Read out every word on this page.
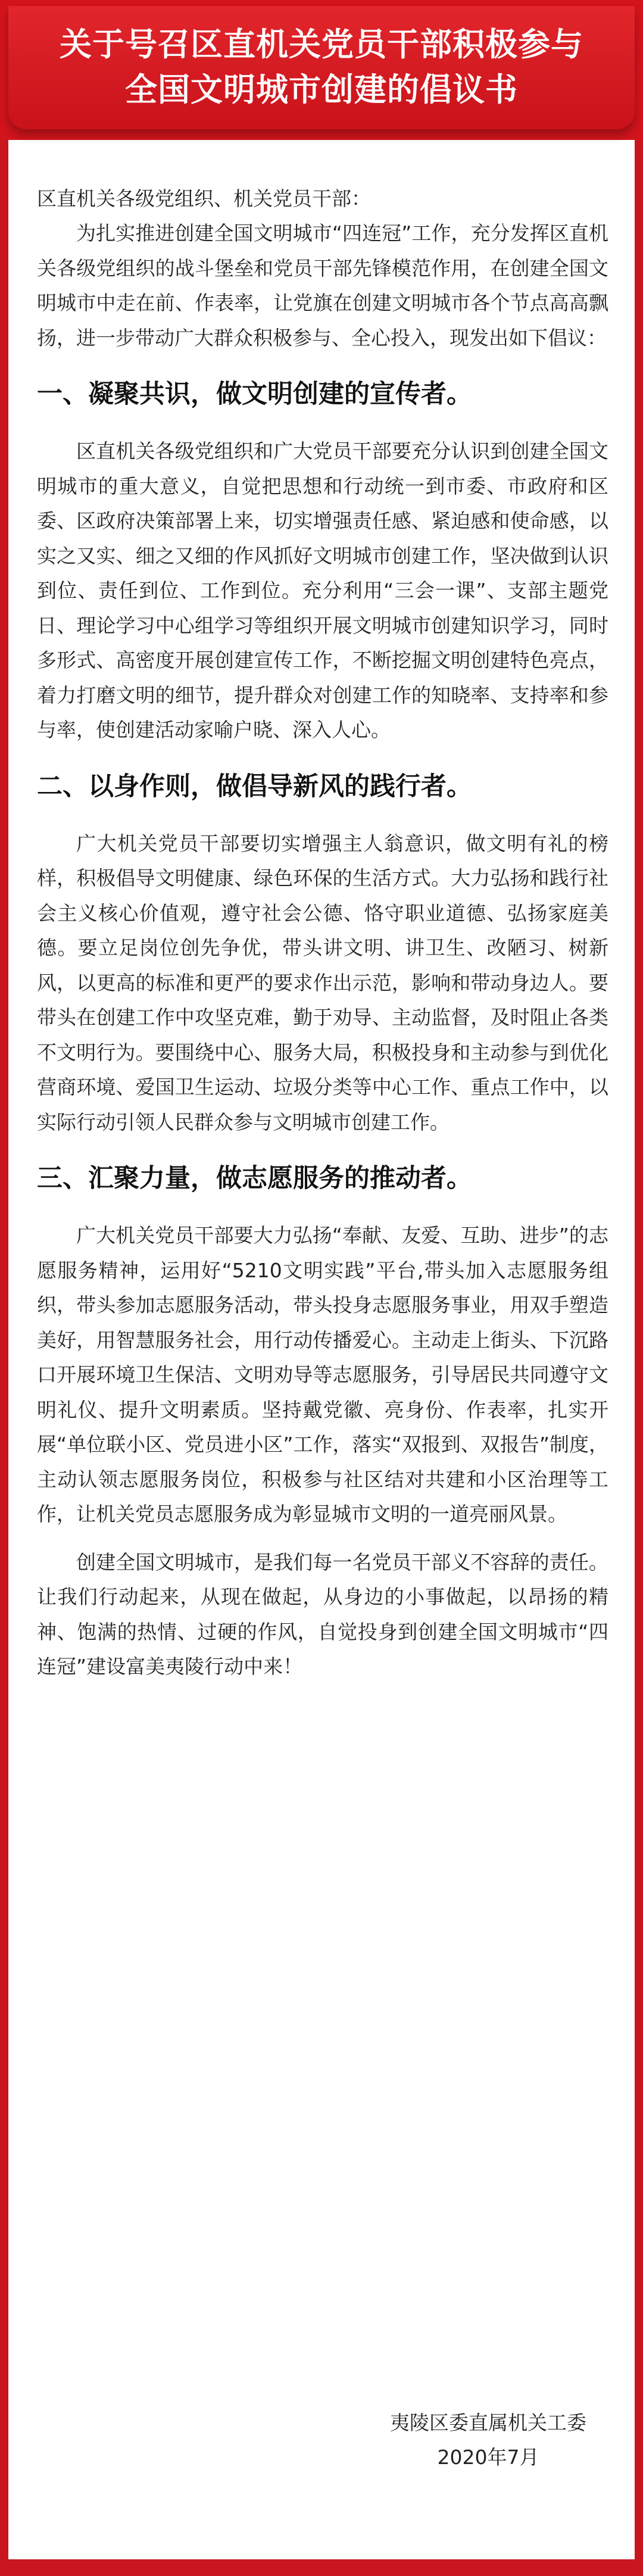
关于号召区直机关党员干部积极参与
全国文明城市创建的倡议书

区直机关各级党组织、机关党员干部：

为扎实推进创建全国文明城市“四连冠”工作，充分发挥区直机关各级党组织的战斗堡垒和党员干部先锋模范作用，在创建全国文明城市中走在前、作表率，让党旗在创建文明城市各个节点高高飘扬，进一步带动广大群众积极参与、全心投入，现发出如下倡议：

一、凝聚共识，做文明创建的宣传者。

区直机关各级党组织和广大党员干部要充分认识到创建全国文明城市的重大意义，自觉把思想和行动统一到市委、市政府和区委、区政府决策部署上来，切实增强责任感、紧迫感和使命感，以实之又实、细之又细的作风抓好文明城市创建工作，坚决做到认识到位、责任到位、工作到位。充分利用“三会一课”、支部主题党日、理论学习中心组学习等组织开展文明城市创建知识学习，同时多形式、高密度开展创建宣传工作，不断挖掘文明创建特色亮点，着力打磨文明的细节，提升群众对创建工作的知晓率、支持率和参与率，使创建活动家喻户晓、深入人心。

二、以身作则，做倡导新风的践行者。

广大机关党员干部要切实增强主人翁意识，做文明有礼的榜样，积极倡导文明健康、绿色环保的生活方式。大力弘扬和践行社会主义核心价值观，遵守社会公德、恪守职业道德、弘扬家庭美德。要立足岗位创先争优，带头讲文明、讲卫生、改陋习、树新风，以更高的标准和更严的要求作出示范，影响和带动身边人。要带头在创建工作中攻坚克难，勤于劝导、主动监督，及时阻止各类不文明行为。要围绕中心、服务大局，积极投身和主动参与到优化营商环境、爱国卫生运动、垃圾分类等中心工作、重点工作中，以实际行动引领人民群众参与文明城市创建工作。

三、汇聚力量，做志愿服务的推动者。

广大机关党员干部要大力弘扬“奉献、友爱、互助、进步”的志愿服务精神，运用好“5210文明实践”平台,带头加入志愿服务组织，带头参加志愿服务活动，带头投身志愿服务事业，用双手塑造美好，用智慧服务社会，用行动传播爱心。主动走上街头、下沉路口开展环境卫生保洁、文明劝导等志愿服务，引导居民共同遵守文明礼仪、提升文明素质。坚持戴党徽、亮身份、作表率，扎实开展“单位联小区、党员进小区”工作，落实“双报到、双报告”制度，主动认领志愿服务岗位，积极参与社区结对共建和小区治理等工作，让机关党员志愿服务成为彰显城市文明的一道亮丽风景。

创建全国文明城市，是我们每一名党员干部义不容辞的责任。让我们行动起来，从现在做起，从身边的小事做起，以昂扬的精神、饱满的热情、过硬的作风，自觉投身到创建全国文明城市“四连冠”建设富美夷陵行动中来！

夷陵区委直属机关工委
2020年7月
